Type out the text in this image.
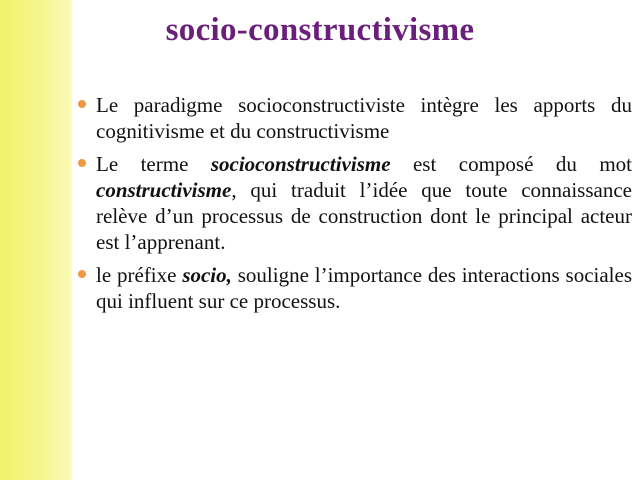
socio-constructivisme
Le paradigme socioconstructiviste intègre les apports du cognitivisme et du constructivisme
Le terme socioconstructivisme est composé du mot constructivisme, qui traduit l’idée que toute connaissance relève d’un processus de construction dont le principal acteur est l’apprenant.
le préfixe socio, souligne l’importance des interactions sociales qui influent sur ce processus.
